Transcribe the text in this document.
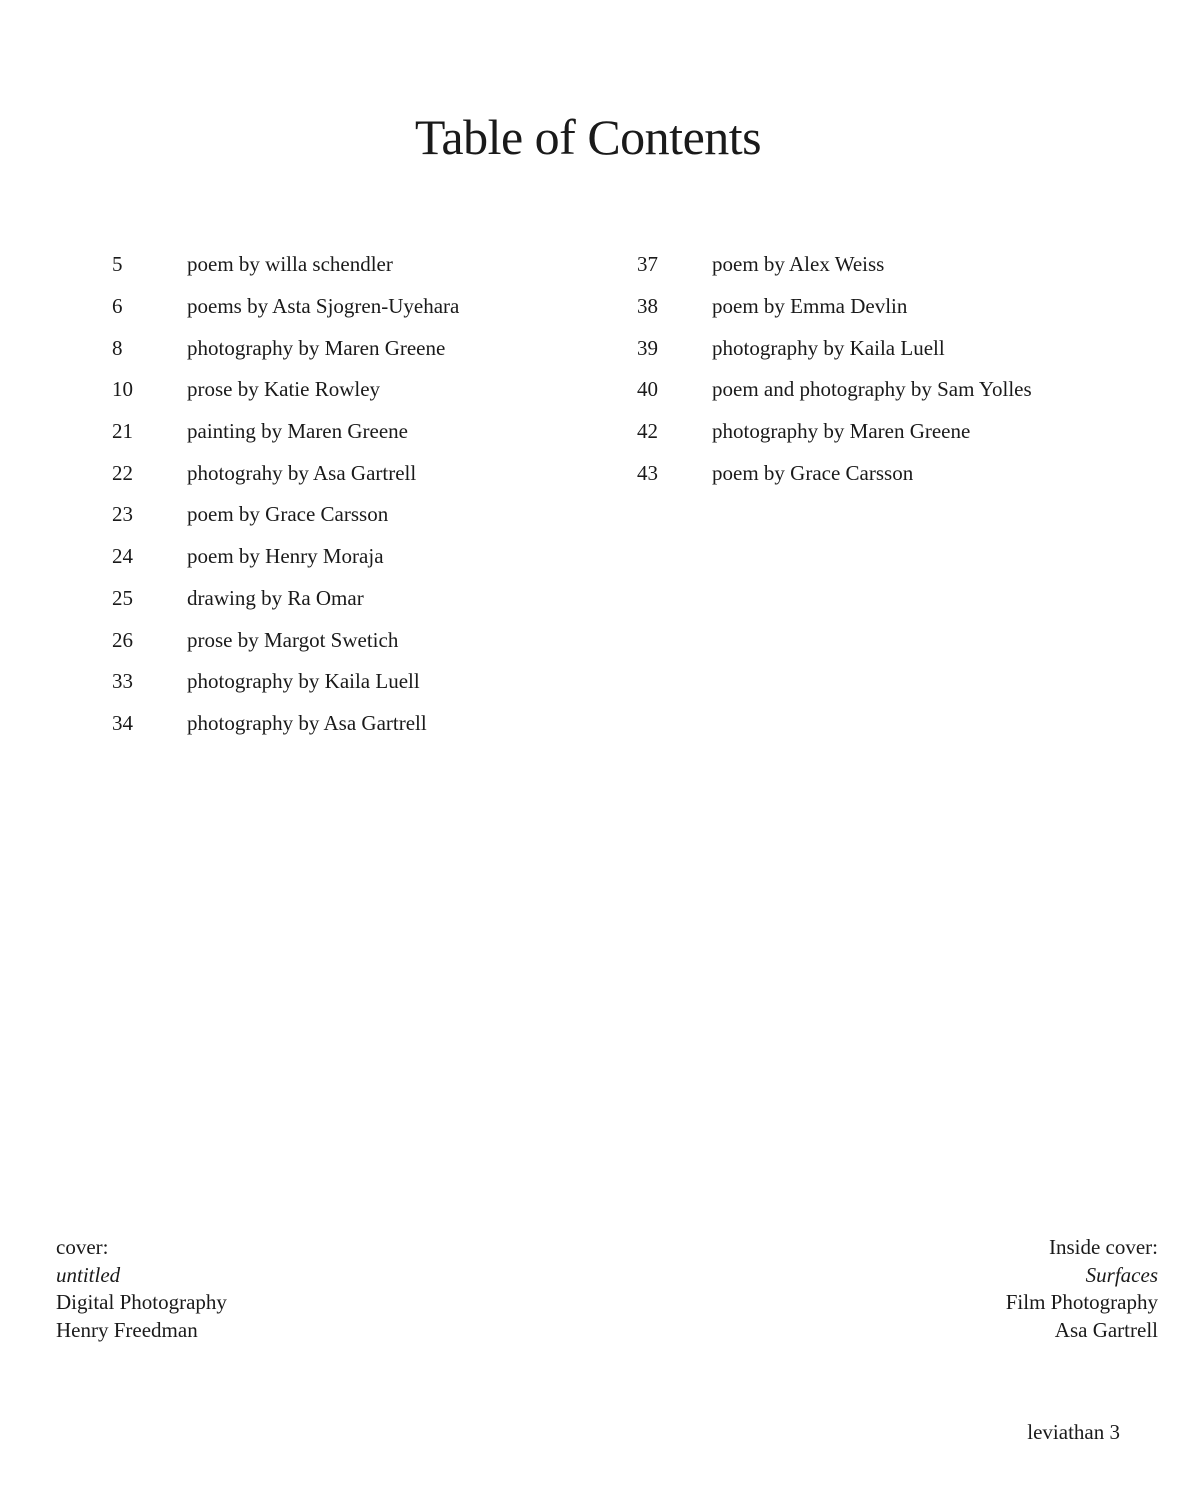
Table of Contents
5	poem by willa schendler
6	poems by Asta Sjogren-Uyehara
8	photography by Maren Greene
10	prose by Katie Rowley
21	painting by Maren Greene
22	photograhy by Asa Gartrell
23	poem by Grace Carsson
24	poem by Henry Moraja
25	drawing by Ra Omar
26	prose by Margot Swetich
33	photography by Kaila Luell
34	photography by Asa Gartrell
37	poem by Alex Weiss
38	poem by Emma Devlin
39	photography by Kaila Luell
40	poem and photography by Sam Yolles
42	photography by Maren Greene
43	poem by Grace Carsson
cover:
untitled
Digital Photography
Henry Freedman
Inside cover:
Surfaces
Film Photography
Asa Gartrell
leviathan 3
